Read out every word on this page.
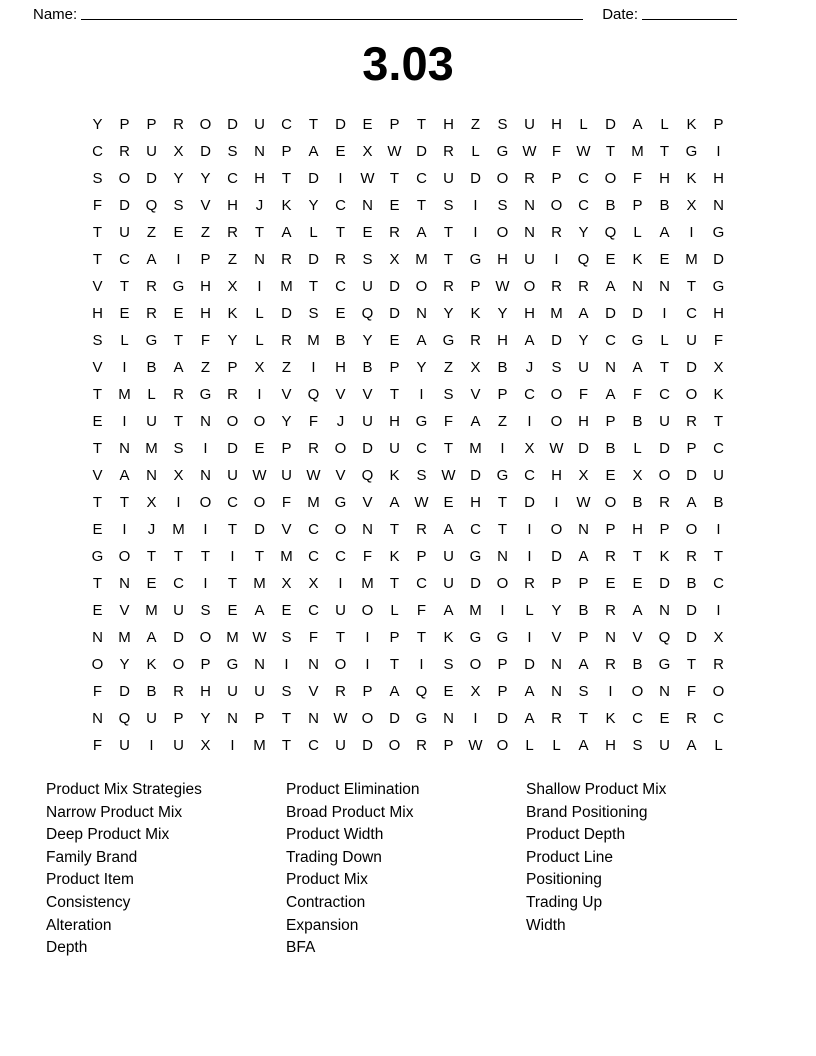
Name:	Date:
3.03
Y	P	P	R	O	D	U	C	T	D	E	P	T	H	Z	S	U	H	L	D	A	L	K	P
C	R	U	X	D	S	N	P	A	E	X W D	R	L	G W	F	W	T	M	T	G	I
S	O	D	Y	Y	C	H	T	D	I	W	T	C	U	D	O	R	P	C	O	F	H	K	H
F	D	Q	S	V	H	J	K	Y	C	N	E	T	S	I	S	N	O	C	B	P	B	X	N
T	U	Z	E	Z	R	T	A	L	T	E	R	A	T	I	O	N	R	Y	Q	L	A	I	G
T	C	A	I	P	Z	N	R	D	R	S	X	M	T	G	H	U	I	Q	E	K	E	M	D
V	T	R	G	H	X	I	M	T	C	U	D	O	R	P W O	R	R	A	N	N	T	G
H	E	R	E	H	K	L	D	S	E	Q	D	N	Y	K	Y	H	M	A	D	D	I	C	H
S	L	G	T	F	Y	L	R	M	B	Y	E	A	G	R	H	A	D	Y	C	G	L	U	F
V	I	B	A	Z	P	X	Z	I	H	B	P	Y	Z	X	B	J	S	U	N	A	T	D	X
T	M	L	R	G	R	I	V	Q	V	V	T	I	S	V	P	C	O	F	A	F	C	O	K
E	I	U	T	N	O	O	Y	F	J	U	H	G	F	A	Z	I	O	H	P	B	U	R	T
T	N	M	S	I	D	E	P	R	O	D	U	C	T	M	I	X W D	B	L	D	P	C
V	A	N	X	N	U W U W V	Q	K	S W D	G	C	H	X	E	X	O	D	U
T	T	X	I	O	C	O	F	M G	V	A W E	H	T	D	I	W O	B	R	A	B
E	I	J	M	I	T	D	V	C	O	N	T	R	A	C	T	I	O	N	P	H	P	O	I
G	O	T	T	T	I	T	M	C	C	F	K	P	U	G	N	I	D	A	R	T	K	R	T
T	N	E	C	I	T	M	X	X	I	M	T	C	U	D	O	R	P	P	E	E	D	B	C
E	V	M	U	S	E	A	E	C	U	O	L	F	A	M	I	L	Y	B	R	A	N	D	I
N	M	A	D	O M W S	F	T	I	P	T	K	G	G	I	V	P	N	V	Q	D	X
O	Y	K	O	P	G	N	I	N	O	I	T	I	S	O	P	D	N	A	R	B	G	T	R
F	D	B	R	H	U	U	S	V	R	P	A	Q	E	X	P	A	N	S	I	O	N	F	O
N	Q	U	P	Y	N	P	T	N W O	D	G	N	I	D	A	R	T	K	C	E	R	C
F	U	I	U	X	I	M	T	C	U	D	O	R	P W O	L	L	A	H	S	U	A	L
Product Mix Strategies
Narrow Product Mix
Deep Product Mix
Family Brand
Product Item
Consistency
Alteration
Depth
Product Elimination
Broad Product Mix
Product Width
Trading Down
Product Mix
Contraction
Expansion
BFA
Shallow Product Mix
Brand Positioning
Product Depth
Product Line
Positioning
Trading Up
Width
